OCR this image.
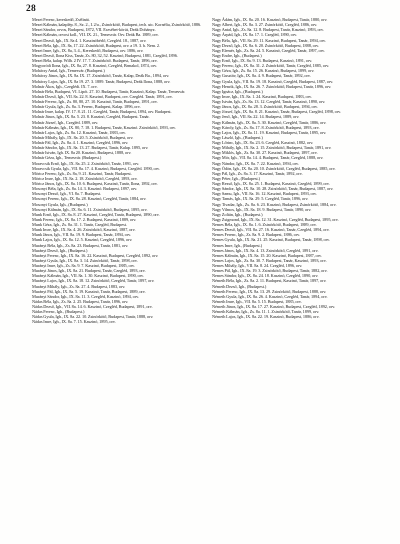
28
Mezei Ferenc, kereskedő, Zsélinát.
Mezei Kálmán, kalaplép. 8., Sz. 2., I. 2/a., Zsinórkötő, Budapest, tech. utc. Kornélia, Zsinórkötő, 1886.
Mezei Sándor, orvos, Budapest, 1872, VII. Erzsébet-körút, Deák Dohányz.
Mezei Kálmán, orvosi koll., VII. IX. 21., Temesvár. Orv. Deák Ba. 1889, orv.
Mezei Dezső, Igh., IX. 8a 4. 1. Kaszinóbérlő, Czegléd. 18., 1887, orv.
Mezei Béla, Igh., IX. 8a, 17. 22. Zsinórkötő, Budapest, orv. a 19. 3. b. Nem. 2.
Mezei Imre, Igh., IX. 8a, 3. 4., Kereskedő, Budapest, orv. 1886, orv.
Mezei Dezső, Ilona Kiss, Tanár, Zs. 80, 32, 52. Kaszinó, Budapest, 1881, Czegléd, 1896.
Mezei Béla, kalap. Wilh. 2 IV. 17. 7. Zsinórkötő. Budapest, Tanár, 1896, orv.
Mogyoródi Ilona, Igh., IX. 8a, 27. 8. Kaszinó, Czegléd, Brmakol, 1874, orv.
Mohácsy Antal, Igh., Temesvár. (Budapest.)
Mohácsy János, Igh., IX. 8a. IX. 17. Zsinórkötő, Tanár, Kalap, Deák Ba., 1894, orv.
Mohácsy Lajos, Igh., IX. 8a 19. 27. 3. 1889. Tanár, Budapest, Deák Ilona, 1888, orv.
Molnár Ákos, Igh., Czeglédi. IX. 7. orv.
Molnár Béla, Budapest, VI. Lipót. 27. 10. Budapest, Tanár, Kaszinó, Kalap. Tanár, Temesvár.
Molnár Dezső, Igh., VII. 8a. 22. 8. Kaszinó, Budapest, orv. Czegléd. Tanár, 1891, orv.
Molnár Ferenc, Igh., Zs. 80, 80, 27. 10. Kaszinó, Tanár, Budapest, 1891, orv.
Molnár Gyula, Igh., Zs. 8a. 3. Ferenc, Budapest, Kalap. 1896, orv.
Molnár Imre, kalap. IV. 17. 8. 21. 11. Czegléd, Tanár, Budapest, 1894, orv. Budapest.
Molnár János, Igh., IX. 8a. 5. 23. 8. Kaszinó, Czegléd, Budapest. Tanár.
Molnár József, Igh., Czegléd. 1889, orv.
Molnár Kálmán, Igh., IX. 80, 7. 18. 1. Budapest, Tanár, Kaszinó. Zsinórkötő, 1893, orv.
Molnár Lajos, Igh., Zs. 8a. 12. Kaszinó, Tanár, 1883, orv.
Molnár Mihály, Igh., IX. 8a. 20. 5. Zsinórkötő, Budapest, orv.
Molnár Pál, Igh., Zs. 8a. 4. 1. Kaszinó, Czegléd, 1896, orv.
Molnár Sándor, Igh., IX. 8a. 13. 27. Budapest, Tanár, Kalap. 1895, orv.
Molnár István, Igh. IX. 8a 20. Kaszinó, Budapest, 1888, orv.
Molnár Géza, Igh., Temesvár. (Budapest.)
Moravcsik Ernő, Igh., IX. 8a. 25. 2. Zsinórkötő, Tanár, 1891, orv.
Moravcsik Gyula, Igh., VII. 8a. 17. 4. Kaszinó, Budapest, Czegléd. 1890, orv.
Móricz Ferenc, Igh., Zs. 8a, 9. 21. Kaszinó, Tanár, Budapest.
Móricz Imre, Igh., IX. 8a. 2. 18. Zsinórkötő, Czegléd, 1893, orv.
Móricz János, Igh., IX. 8a. 10. 6. Budapest, Kaszinó, Tanár, Ilona, 1892, orv.
Mosonyi Béla, Igh., Zs. 8a. 14. 3. Kaszinó. Budapest, 1897, orv.
Mosonyi Dezső, Igh., VI. 8a. 7. Budapest.
Mosonyi Ferenc, Igh., IX. 8a. 28. Kaszinó, Czegléd, Tanár, 1884, orv.
Mosonyi Gyula, Igh., (Budapest.)
Mosonyi Kálmán, Igh., IX. 8a. 6. 11. Zsinórkötő, Budapest, 1895, orv.
Munk Ernő, Igh., IX. 8a. 8. 27. Kaszinó, Czegléd, Tanár, Budapest, 1890, orv.
Munk Ferenc, Igh., IX. 8a. 17. 2. Budapest, Kaszinó, 1889, orv.
Munk Géza, Igh., Zs. 8a. 31. 1. Tanár, Czegléd, Budapest.
Munk Imre, Igh., IX. 8a. 4. 26. Zsinórkötő, Kaszinó, 1887, orv.
Munk János, Igh., VII. 8a. 19. 9. Budapest, Tanár, 1894, orv.
Munk Lajos, Igh., IX. 8a. 12. 5. Kaszinó, Czegléd, 1896, orv.
Murányi Béla, Igh., Zs. 8a. 23. Budapest, Tanár, 1881, orv.
Murányi Dezső, Igh., (Budapest.)
Murányi Ferenc, Igh., IX. 8a. 16. 22. Kaszinó, Budapest, Czegléd, 1892, orv.
Murányi Gyula, Igh., IX. 8a. 3. 14. Zsinórkötő, Tanár, 1898, orv.
Murányi Imre, Igh., Zs. 8a. 9. 7. Kaszinó, Budapest, 1885, orv.
Murányi János, Igh., IX. 8a. 21. Budapest, Tanár, Czegléd, 1893, orv.
Murányi Kálmán, Igh., VII. 8a. 1. 30. Kaszinó, Budapest, 1890, orv.
Murányi Lajos, Igh., IX. 8a. 18. 12. Zsinórkötő, Czegléd, Tanár, 1897, orv.
Murányi Mihály, Igh., Zs. 8a. 27. 4. Budapest, 1883, orv.
Murányi Pál, Igh., IX. 8a. 5. 19. Kaszinó, Tanár, Budapest, 1889, orv.
Murányi Sándor, Igh., IX. 8a. 11. 3. Czegléd, Kaszinó, 1894, orv.
Nádas Béla, Igh., Zs. 8a. 2. 25. Budapest, Tanár, 1896, orv.
Nádas Dezső, Igh., VII. 8a. 14. 6. Kaszinó, Czegléd, Budapest, 1891, orv.
Nádas Ferenc, Igh., (Budapest.)
Nádas Gyula, Igh., IX. 8a. 22. 10. Zsinórkötő, Budapest, Tanár, 1888, orv.
Nádas Imre, Igh., IX. 8a. 7. 15. Kaszinó, 1895, orv.
Nagy Ádám, Igh., IX. 8a. 20. 16. Kaszinó, Budapest, Tanár, 1880, orv.
Nagy Albert, Igh., IX. 8a. 3. 27. Zsinórkötő, Czegléd, 1886, orv.
Nagy Antal, Igh., Zs. 8a. 12. 8. Budapest, Tanár, Kaszinó, 1893, orv.
Nagy Árpád, Igh., IX. 8a. 17. 1. Czegléd, 1890, orv.
Nagy Béla, Igh., VII. 8a. 29. 11. Kaszinó, Budapest, Tanár, 1894, orv.
Nagy Dezső, Igh., IX. 8a. 6. 20. Zsinórkötő, Budapest, 1888, orv.
Nagy Elemér, Igh., Zs. 8a. 24. 5. Kaszinó, Czegléd, Tanár, 1897, orv.
Nagy Endre, Igh., (Budapest.)
Nagy Ernő, Igh., IX. 8a. 9. 13. Budapest, Kaszinó, 1891, orv.
Nagy Ferenc, Igh., IX. 8a. 31. 2. Zsinórkötő, Tanár, Czegléd, 1885, orv.
Nagy Géza, Igh., Zs. 8a. 15. 26. Kaszinó, Budapest, 1899, orv.
Nagy Gusztáv, Igh., IX. 8a. 4. 9. Budapest, Tanár, 1892, orv.
Nagy Gyula, Igh., VII. 8a. 19. 18. Kaszinó, Czegléd, Budapest, 1887, orv.
Nagy Henrik, Igh., IX. 8a. 26. 7. Zsinórkötő, Budapest, Tanár, 1896, orv.
Nagy Ignácz, Igh., (Budapest.)
Nagy Imre, Igh., IX. 8a. 1. 24. Kaszinó, Budapest, 1883, orv.
Nagy István, Igh., Zs. 8a. 13. 12. Czegléd, Tanár, Kaszinó, 1890, orv.
Nagy János, Igh., IX. 8a. 28. 3. Zsinórkötő, Budapest, 1894, orv.
Nagy József, Igh., IX. 8a. 8. 21. Kaszinó, Tanár, Budapest, Czegléd, 1898, orv.
Nagy Jenő, Igh., VII. 8a. 22. 14. Budapest, 1889, orv.
Nagy Kálmán, Igh., IX. 8a. 5. 30. Kaszinó, Czegléd, Tanár, 1886, orv.
Nagy Károly, Igh., Zs. 8a. 17. 8. Zsinórkötő, Budapest, 1893, orv.
Nagy Lajos, Igh., IX. 8a. 11. 19. Kaszinó, Budapest, Tanár, 1895, orv.
Nagy László, Igh., (Budapest.)
Nagy Lőrinc, Igh., IX. 8a. 23. 6. Czegléd, Kaszinó, 1882, orv.
Nagy Mihály, Igh., IX. 8a. 2. 15. Zsinórkötő, Budapest, Tanár, 1891, orv.
Nagy Miklós, Igh., Zs. 8a. 30. 27. Kaszinó, Budapest, 1897, orv.
Nagy Mór, Igh., VII. 8a. 14. 4. Budapest, Tanár, Czegléd, 1888, orv.
Nagy Nándor, Igh., IX. 8a. 7. 22. Kaszinó, 1894, orv.
Nagy Ödön, Igh., IX. 8a. 20. 10. Zsinórkötő, Czegléd, Budapest, 1885, orv.
Nagy Pál, Igh., Zs. 8a. 3. 17. Kaszinó, Tanár, 1892, orv.
Nagy Péter, Igh., (Budapest.)
Nagy Rezső, Igh., IX. 8a. 25. 1. Budapest, Kaszinó, Czegléd, 1899, orv.
Nagy Sándor, Igh., IX. 8a. 10. 28. Zsinórkötő, Tanár, Budapest, 1887, orv.
Nagy Samu, Igh., VII. 8a. 16. 12. Kaszinó, Budapest, 1893, orv.
Nagy Tamás, Igh., IX. 8a. 29. 5. Czegléd, Tanár, 1896, orv.
Nagy Tivadar, Igh., Zs. 8a. 6. 23. Kaszinó, Budapest, Zsinórkötő, 1884, orv.
Nagy Vilmos, Igh., IX. 8a. 18. 9. Budapest, Tanár, 1890, orv.
Nagy Zoltán, Igh., (Budapest.)
Nagy Zsigmond, Igh., IX. 8a. 12. 31. Kaszinó, Czegléd, Budapest, 1895, orv.
Nemes Béla, Igh., IX. 8a. 1. 6. Zsinórkötő, Budapest, 1889, orv.
Nemes Dezső, Igh., VII. 8a. 27. 16. Kaszinó, Tanár, Czegléd, 1894, orv.
Nemes Ferenc, Igh., Zs. 8a. 9. 2. Budapest, 1886, orv.
Nemes Gyula, Igh., IX. 8a. 21. 25. Kaszinó, Budapest, Tanár, 1898, orv.
Nemes Imre, Igh., (Budapest.)
Nemes János, Igh., IX. 8a. 4. 13. Zsinórkötő, Czegléd, 1891, orv.
Nemes Kálmán, Igh., IX. 8a. 15. 20. Kaszinó, Budapest, 1887, orv.
Nemes Lajos, Igh., Zs. 8a. 30. 7. Budapest, Tanár, Kaszinó, 1893, orv.
Nemes Mihály, Igh., VII. 8a. 8. 24. Czegléd, 1896, orv.
Nemes Pál, Igh., IX. 8a. 19. 3. Zsinórkötő, Budapest, Tanár, 1882, orv.
Nemes Sándor, Igh., IX. 8a. 24. 18. Kaszinó, Czegléd, 1890, orv.
Németh Béla, Igh., Zs. 8a. 2. 11. Budapest, Kaszinó, Tanár, 1897, orv.
Németh Dezső, Igh., (Budapest.)
Németh Ferenc, Igh., IX. 8a. 13. 29. Zsinórkötő, Budapest, 1888, orv.
Németh Gyula, Igh., IX. 8a. 26. 4. Kaszinó, Czegléd, Tanár, 1894, orv.
Németh Imre, Igh., VII. 8a. 5. 15. Budapest, 1885, orv.
Németh János, Igh., IX. 8a. 17. 27. Kaszinó, Budapest, Czegléd, 1892, orv.
Németh Kálmán, Igh., Zs. 8a. 11. 1. Zsinórkötő, Tanár, 1899, orv.
Németh Lajos, Igh., IX. 8a. 22. 19. Kaszinó, Budapest, 1886, orv.
